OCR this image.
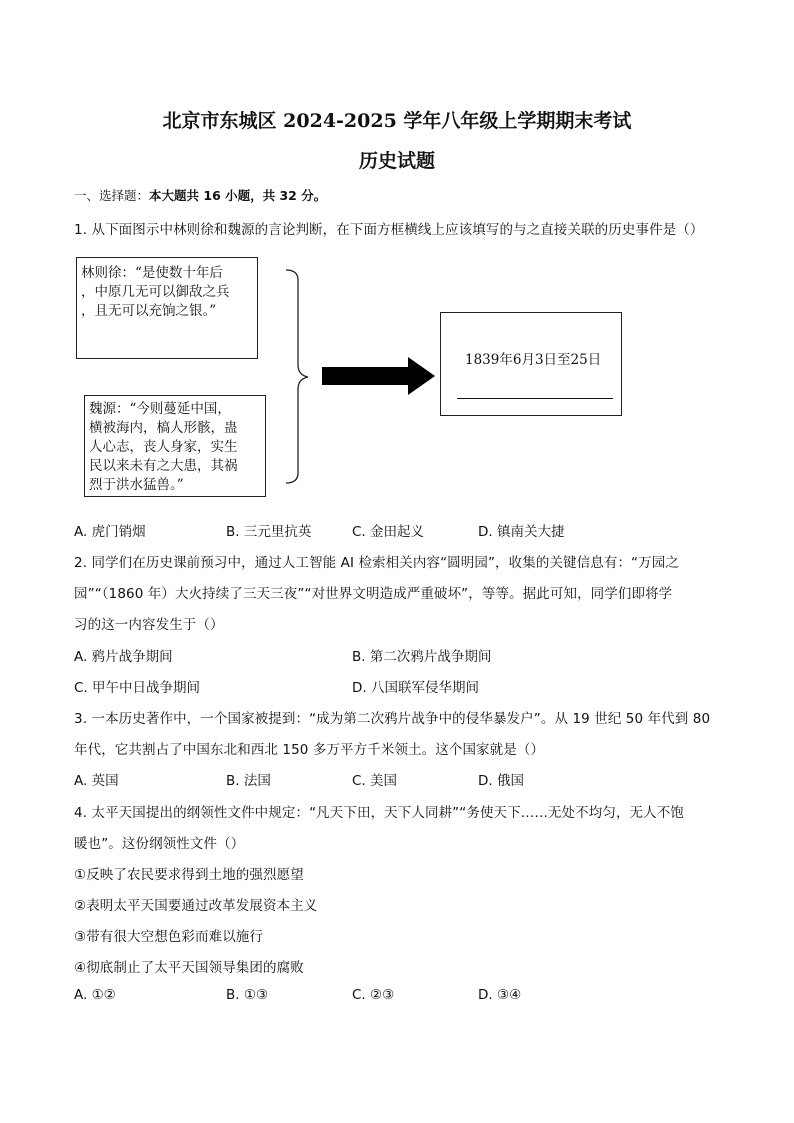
北京市东城区 2024-2025 学年八年级上学期期末考试
历史试题
一、选择题：本大题共 16 小题，共 32 分。
1. 从下面图示中林则徐和魏源的言论判断，在下面方框横线上应该填写的与之直接关联的历史事件是（）
林则徐：“是使数十年后
，中原几无可以御敌之兵
，且无可以充饷之银。”
魏源：“今则蔓延中国，
横被海内，槁人形骸，蛊
人心志，丧人身家，实生
民以来未有之大患，其祸
烈于洪水猛兽。”
1839年6月3日至25日
A. 虎门销烟	B. 三元里抗英	C. 金田起义	D. 镇南关大捷
2. 同学们在历史课前预习中，通过人工智能 AI 检索相关内容“圆明园”，收集的关键信息有：“万园之
园”“（1860 年）大火持续了三天三夜”“对世界文明造成严重破坏”，等等。据此可知，同学们即将学
习的这一内容发生于（）
A. 鸦片战争期间	B. 第二次鸦片战争期间
C. 甲午中日战争期间	D. 八国联军侵华期间
3. 一本历史著作中，一个国家被提到：“成为第二次鸦片战争中的侵华暴发户”。从 19 世纪 50 年代到 80
年代，它共割占了中国东北和西北 150 多万平方千米领土。这个国家就是（）
A. 英国	B. 法国	C. 美国	D. 俄国
4. 太平天国提出的纲领性文件中规定：“凡天下田，天下人同耕”“务使天下……无处不均匀，无人不饱
暖也”。这份纲领性文件（）
①反映了农民要求得到土地的强烈愿望
②表明太平天国要通过改革发展资本主义
③带有很大空想色彩而难以施行
④彻底制止了太平天国领导集团的腐败
A. ①②	B. ①③	C. ②③	D. ③④
